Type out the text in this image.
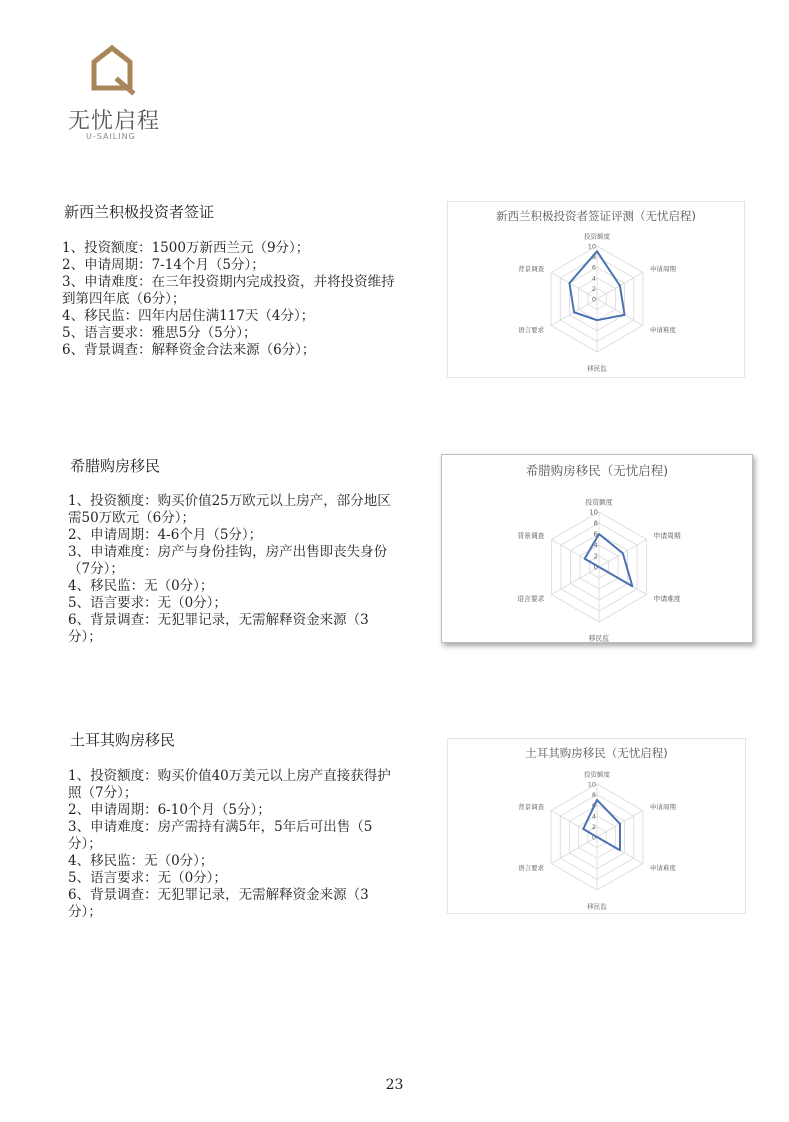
无忧启程
U-SAILING
新西兰积极投资者签证
1、投资额度：1500万新西兰元（9分）；
2、申请周期：7-14个月（5分）；
3、申请难度：在三年投资期内完成投资，并将投资维持到第四年底（6分）；
4、移民监：四年内居住满117天（4分）；
5、语言要求：雅思5分（5分）；
6、背景调查：解释资金合法来源（6分）；
新西兰积极投资者签证评测（无忧启程)
0
2
4
6
8
10
投资额度
申请周期
申请难度
移民监
语言要求
背景调查
希腊购房移民
1、投资额度：购买价值25万欧元以上房产，部分地区需50万欧元（6分）；
2、申请周期：4-6个月（5分）；
3、申请难度：房产与身份挂钩，房产出售即丧失身份（7分）；
4、移民监：无（0分）；
5、语言要求：无（0分）；
6、背景调查：无犯罪记录，无需解释资金来源（3分）；
希腊购房移民（无忧启程)
0
2
4
6
8
10
投资额度
申请周期
申请难度
移民监
语言要求
背景调查
土耳其购房移民
1、投资额度：购买价值40万美元以上房产直接获得护照（7分）；
2、申请周期：6-10个月（5分）；
3、申请难度：房产需持有满5年，5年后可出售（5分）；
4、移民监：无（0分）；
5、语言要求：无（0分）；
6、背景调查：无犯罪记录，无需解释资金来源（3分）；
土耳其购房移民（无忧启程)
0
2
4
6
8
10
投资额度
申请周期
申请难度
移民监
语言要求
背景调查
23
